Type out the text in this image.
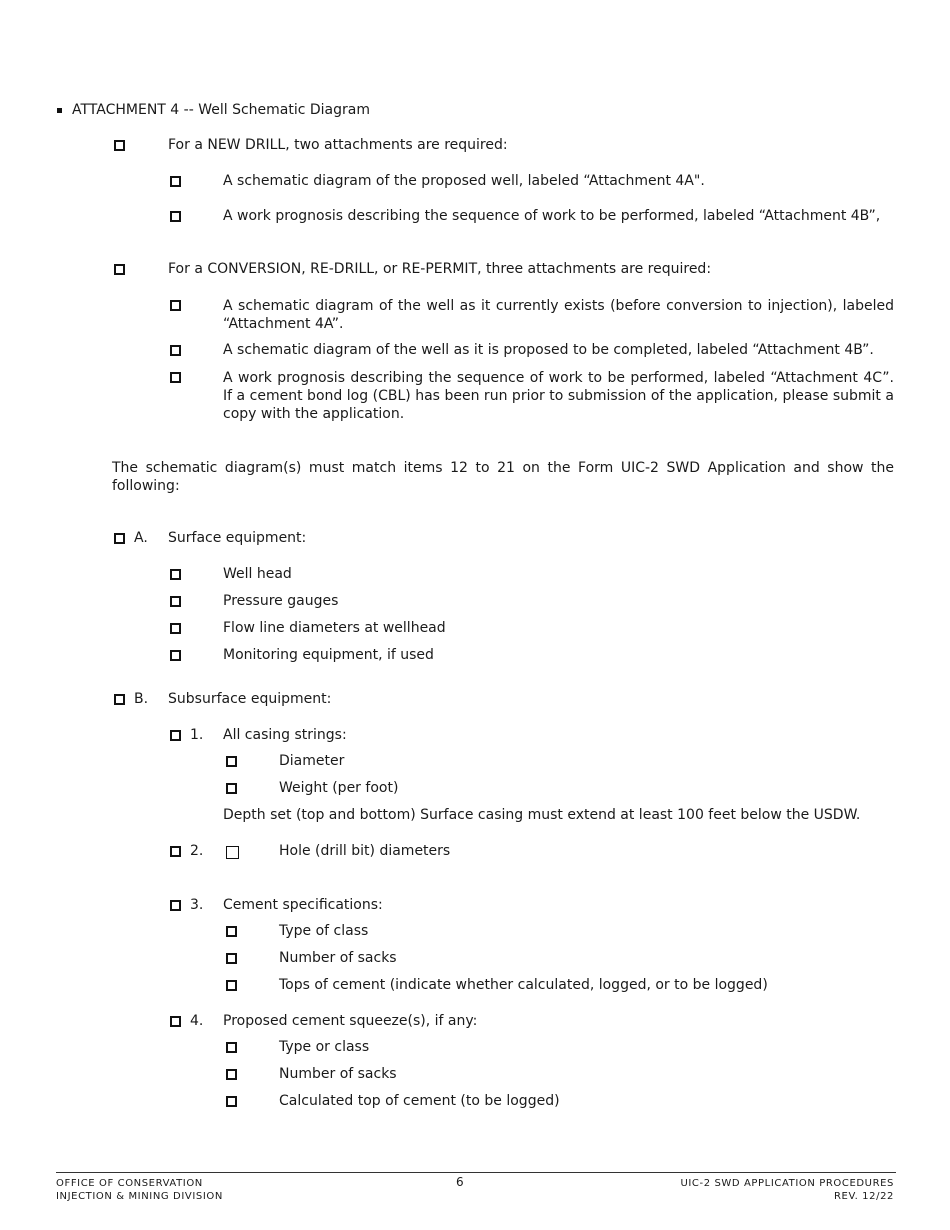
ATTACHMENT 4 -- Well Schematic Diagram
For a NEW DRILL, two attachments are required:
A schematic diagram of the proposed well, labeled “Attachment 4A".
A work prognosis describing the sequence of work to be performed, labeled “Attachment 4B”,
For a CONVERSION, RE-DRILL, or RE-PERMIT, three attachments are required:
A schematic diagram of the well as it currently exists (before conversion to injection), labeled “Attachment 4A”.
A schematic diagram of the well as it is proposed to be completed, labeled “Attachment 4B”.
A work prognosis describing the sequence of work to be performed, labeled “Attachment 4C”. If a cement bond log (CBL) has been run prior to submission of the application, please submit a copy with the application.
The schematic diagram(s) must match items 12 to 21 on the Form UIC-2 SWD Application and show the following:
A. Surface equipment:
Well head
Pressure gauges
Flow line diameters at wellhead
Monitoring equipment, if used
B. Subsurface equipment:
1. All casing strings:
Diameter
Weight (per foot)
Depth set (top and bottom) Surface casing must extend at least 100 feet below the USDW.
2.	Hole (drill bit) diameters
3. Cement specifications:
Type of class
Number of sacks
Tops of cement (indicate whether calculated, logged, or to be logged)
4. Proposed cement squeeze(s), if any:
Type or class
Number of sacks
Calculated top of cement (to be logged)
OFFICE OF CONSERVATION
INJECTION & MINING DIVISION
6	UIC-2 SWD APPLICATION PROCEDURES
REV. 12/22
